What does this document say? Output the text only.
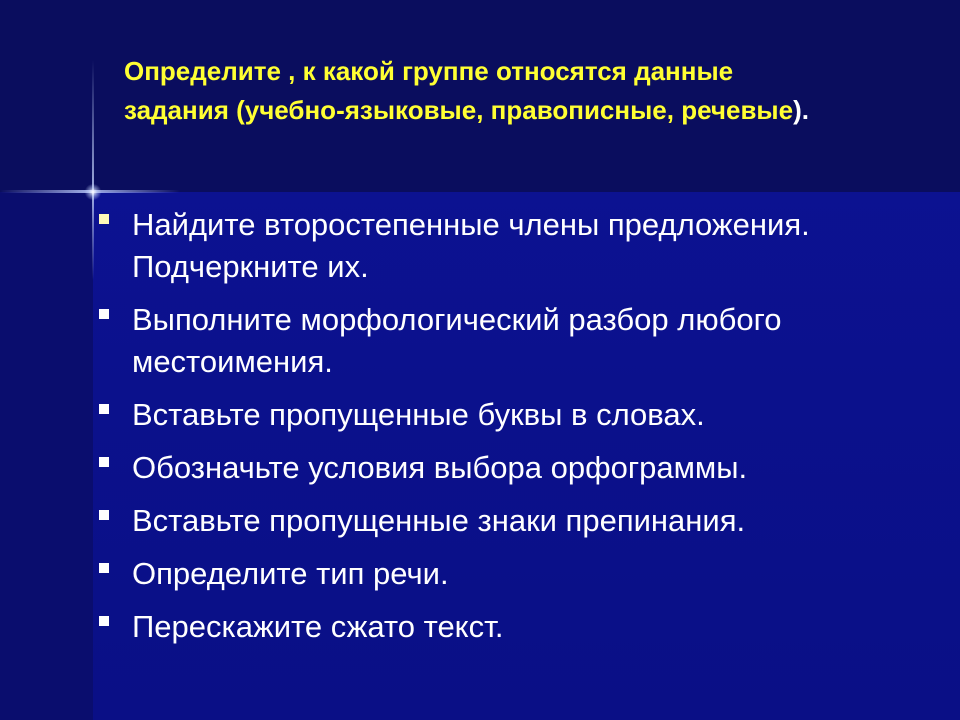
Определите , к какой группе относятся данные задания (учебно-языковые, правописные, речевые).
Найдите второстепенные члены предложения. Подчеркните их.
Выполните морфологический разбор любого местоимения.
Вставьте пропущенные буквы в словах.
Обозначьте условия выбора орфограммы.
Вставьте пропущенные знаки препинания.
Определите тип речи.
Перескажите сжато текст.
